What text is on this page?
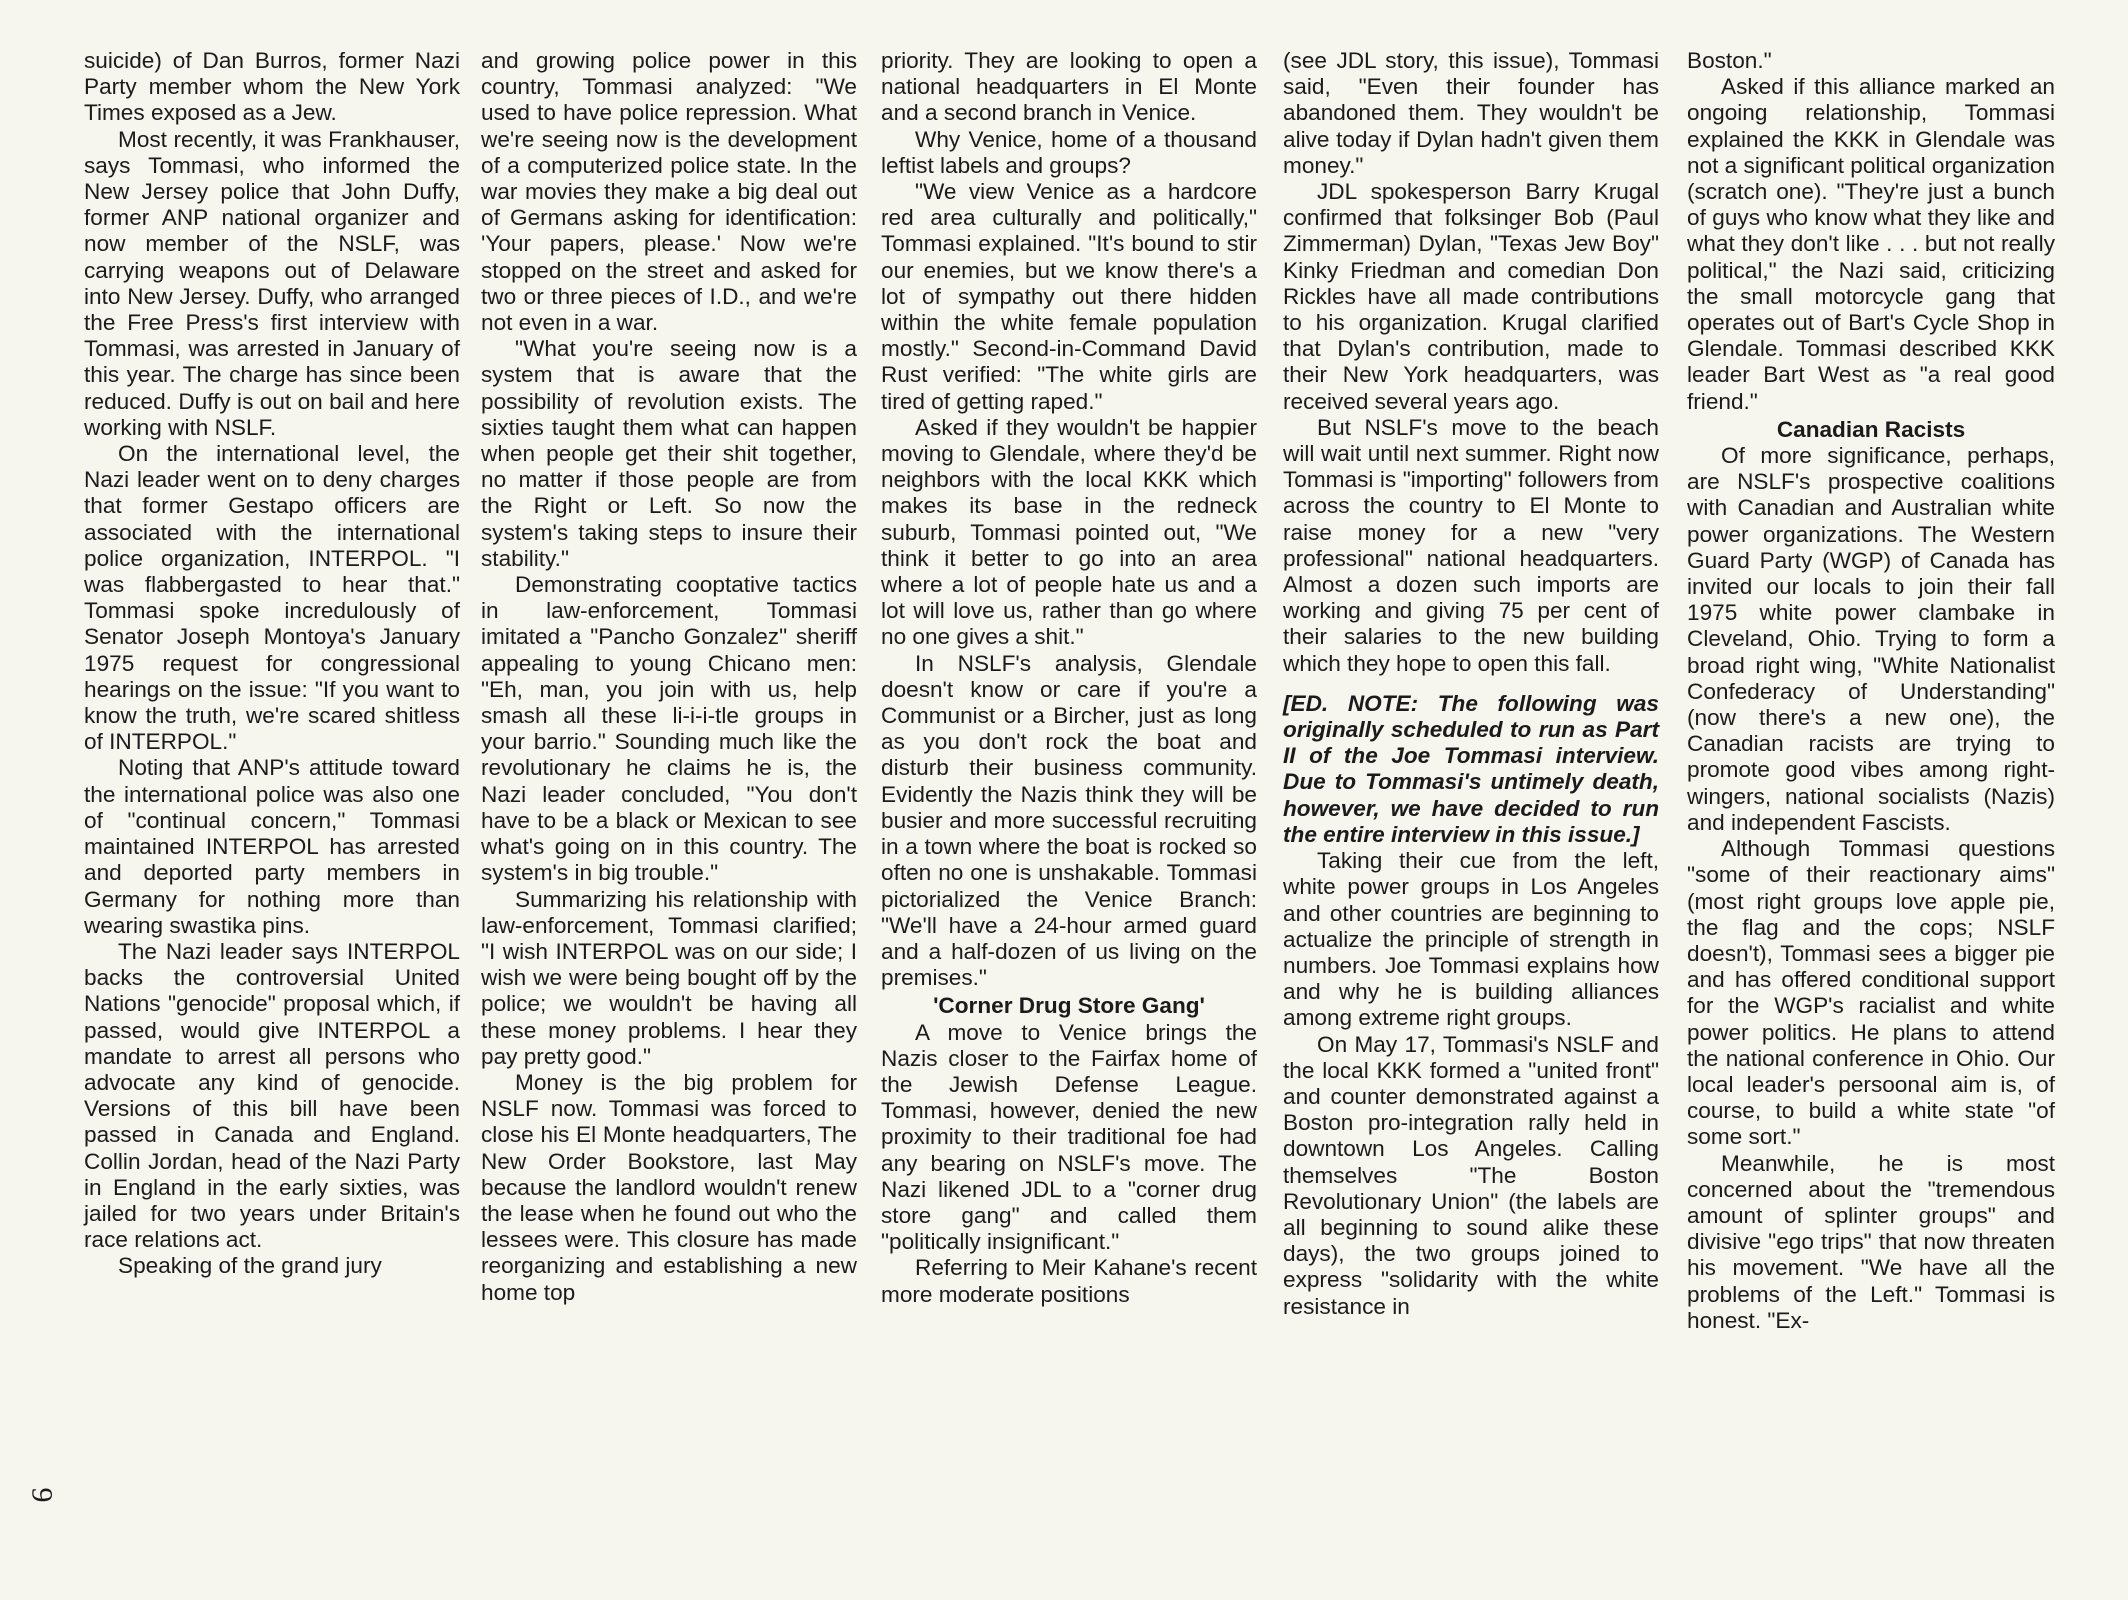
suicide) of Dan Burros, former Nazi Party member whom the New York Times exposed as a Jew.

Most recently, it was Frankhauser, says Tommasi, who informed the New Jersey police that John Duffy, former ANP national organizer and now member of the NSLF, was carrying weapons out of Delaware into New Jersey. Duffy, who arranged the Free Press's first interview with Tommasi, was arrested in January of this year. The charge has since been reduced. Duffy is out on bail and here working with NSLF.

On the international level, the Nazi leader went on to deny charges that former Gestapo officers are associated with the international police organization, INTERPOL. "I was flabbergasted to hear that." Tommasi spoke incredulously of Senator Joseph Montoya's January 1975 request for congressional hearings on the issue: "If you want to know the truth, we're scared shitless of INTERPOL."

Noting that ANP's attitude toward the international police was also one of "continual concern," Tommasi maintained INTERPOL has arrested and deported party members in Germany for nothing more than wearing swastika pins.

The Nazi leader says INTERPOL backs the controversial United Nations "genocide" proposal which, if passed, would give INTERPOL a mandate to arrest all persons who advocate any kind of genocide. Versions of this bill have been passed in Canada and England. Collin Jordan, head of the Nazi Party in England in the early sixties, was jailed for two years under Britain's race relations act.

Speaking of the grand jury

and growing police power in this country, Tommasi analyzed: "We used to have police repression. What we're seeing now is the development of a computerized police state. In the war movies they make a big deal out of Germans asking for identification: 'Your papers, please.' Now we're stopped on the street and asked for two or three pieces of I.D., and we're not even in a war.

"What you're seeing now is a system that is aware that the possibility of revolution exists. The sixties taught them what can happen when people get their shit together, no matter if those people are from the Right or Left. So now the system's taking steps to insure their stability."

Demonstrating cooptative tactics in law-enforcement, Tommasi imitated a "Pancho Gonzalez" sheriff appealing to young Chicano men: "Eh, man, you join with us, help smash all these li-i-i-tle groups in your barrio." Sounding much like the revolutionary he claims he is, the Nazi leader concluded, "You don't have to be a black or Mexican to see what's going on in this country. The system's in big trouble."

Summarizing his relationship with law-enforcement, Tommasi clarified; "I wish INTERPOL was on our side; I wish we were being bought off by the police; we wouldn't be having all these money problems. I hear they pay pretty good."

Money is the big problem for NSLF now. Tommasi was forced to close his El Monte headquarters, The New Order Bookstore, last May because the landlord wouldn't renew the lease when he found out who the lessees were. This closure has made reorganizing and establishing a new home top

priority. They are looking to open a national headquarters in El Monte and a second branch in Venice.

Why Venice, home of a thousand leftist labels and groups?

"We view Venice as a hardcore red area culturally and politically," Tommasi explained. "It's bound to stir our enemies, but we know there's a lot of sympathy out there hidden within the white female population mostly." Second-in-Command David Rust verified: "The white girls are tired of getting raped."

Asked if they wouldn't be happier moving to Glendale, where they'd be neighbors with the local KKK which makes its base in the redneck suburb, Tommasi pointed out, "We think it better to go into an area where a lot of people hate us and a lot will love us, rather than go where no one gives a shit."

In NSLF's analysis, Glendale doesn't know or care if you're a Communist or a Bircher, just as long as you don't rock the boat and disturb their business community. Evidently the Nazis think they will be busier and more successful recruiting in a town where the boat is rocked so often no one is unshakable. Tommasi pictorialized the Venice Branch: "We'll have a 24-hour armed guard and a half-dozen of us living on the premises."

'Corner Drug Store Gang'

A move to Venice brings the Nazis closer to the Fairfax home of the Jewish Defense League. Tommasi, however, denied the new proximity to their traditional foe had any bearing on NSLF's move. The Nazi likened JDL to a "corner drug store gang" and called them "politically insignificant."

Referring to Meir Kahane's recent more moderate positions

(see JDL story, this issue), Tommasi said, "Even their founder has abandoned them. They wouldn't be alive today if Dylan hadn't given them money."

JDL spokesperson Barry Krugal confirmed that folksinger Bob (Paul Zimmerman) Dylan, "Texas Jew Boy" Kinky Friedman and comedian Don Rickles have all made contributions to his organization. Krugal clarified that Dylan's contribution, made to their New York headquarters, was received several years ago.

But NSLF's move to the beach will wait until next summer. Right now Tommasi is "importing" followers from across the country to El Monte to raise money for a new "very professional" national headquarters. Almost a dozen such imports are working and giving 75 per cent of their salaries to the new building which they hope to open this fall.

[ED. NOTE: The following was originally scheduled to run as Part II of the Joe Tommasi interview. Due to Tommasi's untimely death, however, we have decided to run the entire interview in this issue.]

Taking their cue from the left, white power groups in Los Angeles and other countries are beginning to actualize the principle of strength in numbers. Joe Tommasi explains how and why he is building alliances among extreme right groups.

On May 17, Tommasi's NSLF and the local KKK formed a "united front" and counter demonstrated against a Boston pro-integration rally held in downtown Los Angeles. Calling themselves "The Boston Revolutionary Union" (the labels are all beginning to sound alike these days), the two groups joined to express "solidarity with the white resistance in

Boston."

Asked if this alliance marked an ongoing relationship, Tommasi explained the KKK in Glendale was not a significant political organization (scratch one). "They're just a bunch of guys who know what they like and what they don't like . . . but not really political," the Nazi said, criticizing the small motorcycle gang that operates out of Bart's Cycle Shop in Glendale. Tommasi described KKK leader Bart West as "a real good friend."

Canadian Racists

Of more significance, perhaps, are NSLF's prospective coalitions with Canadian and Australian white power organizations. The Western Guard Party (WGP) of Canada has invited our locals to join their fall 1975 white power clambake in Cleveland, Ohio. Trying to form a broad right wing, "White Nationalist Confederacy of Understanding" (now there's a new one), the Canadian racists are trying to promote good vibes among right-wingers, national socialists (Nazis) and independent Fascists.

Although Tommasi questions "some of their reactionary aims" (most right groups love apple pie, the flag and the cops; NSLF doesn't), Tommasi sees a bigger pie and has offered conditional support for the WGP's racialist and white power politics. He plans to attend the national conference in Ohio. Our local leader's persoonal aim is, of course, to build a white state "of some sort."

Meanwhile, he is most concerned about the "tremendous amount of splinter groups" and divisive "ego trips" that now threaten his movement. "We have all the problems of the Left." Tommasi is honest. "Ex-

9
